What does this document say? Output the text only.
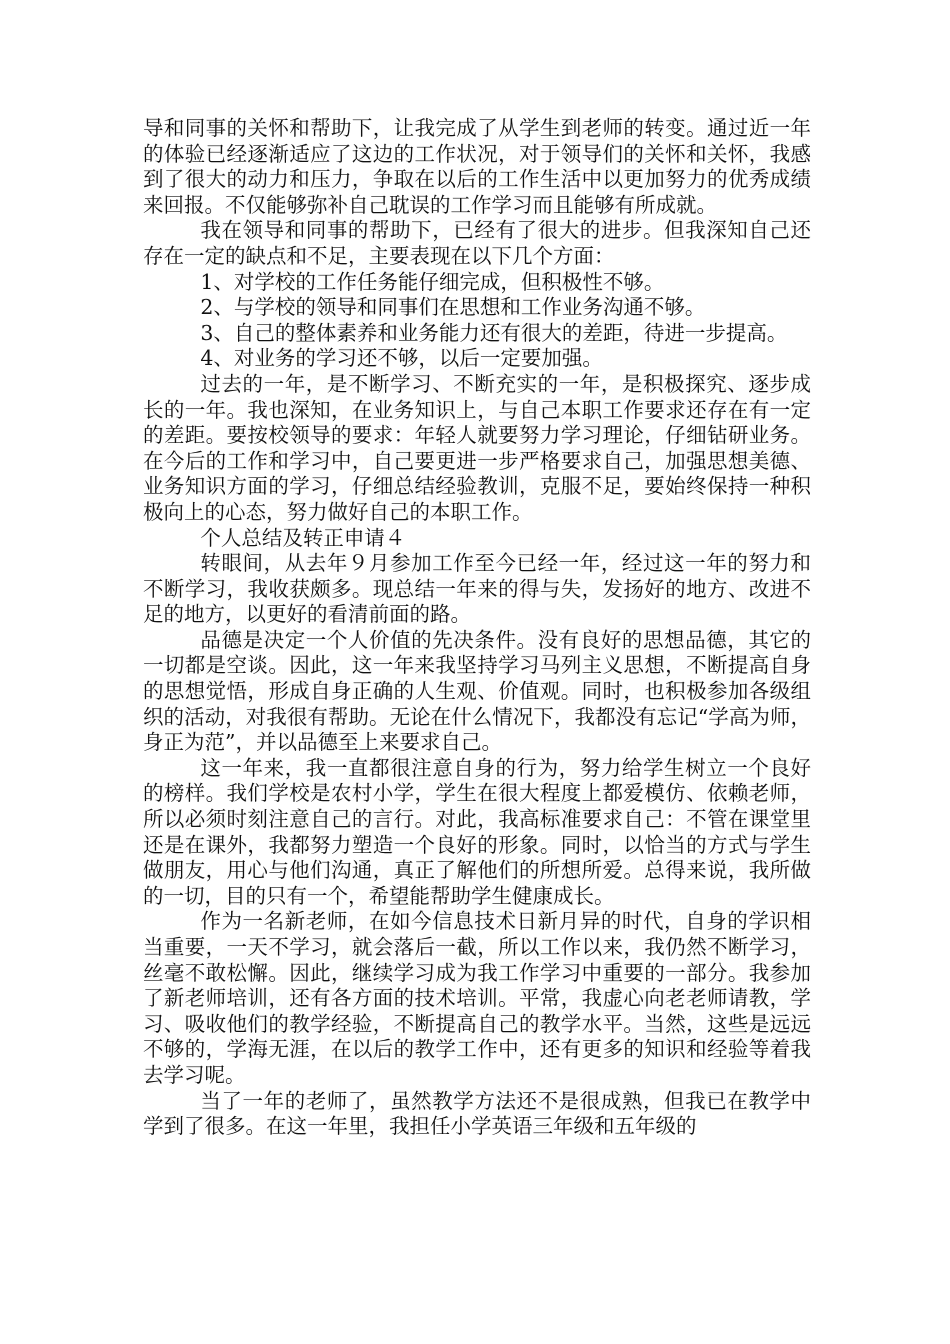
导和同事的关怀和帮助下，让我完成了从学生到老师的转变。通过近一年的体验已经逐渐适应了这边的工作状况，对于领导们的关怀和关怀，我感到了很大的动力和压力，争取在以后的工作生活中以更加努力的优秀成绩来回报。不仅能够弥补自己耽误的工作学习而且能够有所成就。

我在领导和同事的帮助下，已经有了很大的进步。但我深知自己还存在一定的缺点和不足，主要表现在以下几个方面：

1、对学校的工作任务能仔细完成，但积极性不够。

2、与学校的领导和同事们在思想和工作业务沟通不够。

3、自己的整体素养和业务能力还有很大的差距，待进一步提高。

4、对业务的学习还不够，以后一定要加强。

过去的一年，是不断学习、不断充实的一年，是积极探究、逐步成长的一年。我也深知，在业务知识上，与自己本职工作要求还存在有一定的差距。要按校领导的要求：年轻人就要努力学习理论，仔细钻研业务。在今后的工作和学习中，自己要更进一步严格要求自己，加强思想美德、业务知识方面的学习，仔细总结经验教训，克服不足，要始终保持一种积极向上的心态，努力做好自己的本职工作。

个人总结及转正申请４

转眼间，从去年９月参加工作至今已经一年，经过这一年的努力和不断学习，我收获颇多。现总结一年来的得与失，发扬好的地方、改进不足的地方，以更好的看清前面的路。

品德是决定一个人价值的先决条件。没有良好的思想品德，其它的一切都是空谈。因此，这一年来我坚持学习马列主义思想，不断提高自身的思想觉悟，形成自身正确的人生观、价值观。同时，也积极参加各级组织的活动，对我很有帮助。无论在什么情况下，我都没有忘记“学高为师，身正为范”，并以品德至上来要求自己。

这一年来，我一直都很注意自身的行为，努力给学生树立一个良好的榜样。我们学校是农村小学，学生在很大程度上都爱模仿、依赖老师，所以必须时刻注意自己的言行。对此，我高标准要求自己：不管在课堂里还是在课外，我都努力塑造一个良好的形象。同时，以恰当的方式与学生做朋友，用心与他们沟通，真正了解他们的所想所爱。总得来说，我所做的一切，目的只有一个，希望能帮助学生健康成长。

作为一名新老师，在如今信息技术日新月异的时代，自身的学识相当重要，一天不学习，就会落后一截，所以工作以来，我仍然不断学习，丝毫不敢松懈。因此，继续学习成为我工作学习中重要的一部分。我参加了新老师培训，还有各方面的技术培训。平常，我虚心向老老师请教，学习、吸收他们的教学经验，不断提高自己的教学水平。当然，这些是远远不够的，学海无涯，在以后的教学工作中，还有更多的知识和经验等着我去学习呢。

当了一年的老师了，虽然教学方法还不是很成熟，但我已在教学中学到了很多。在这一年里，我担任小学英语三年级和五年级的
